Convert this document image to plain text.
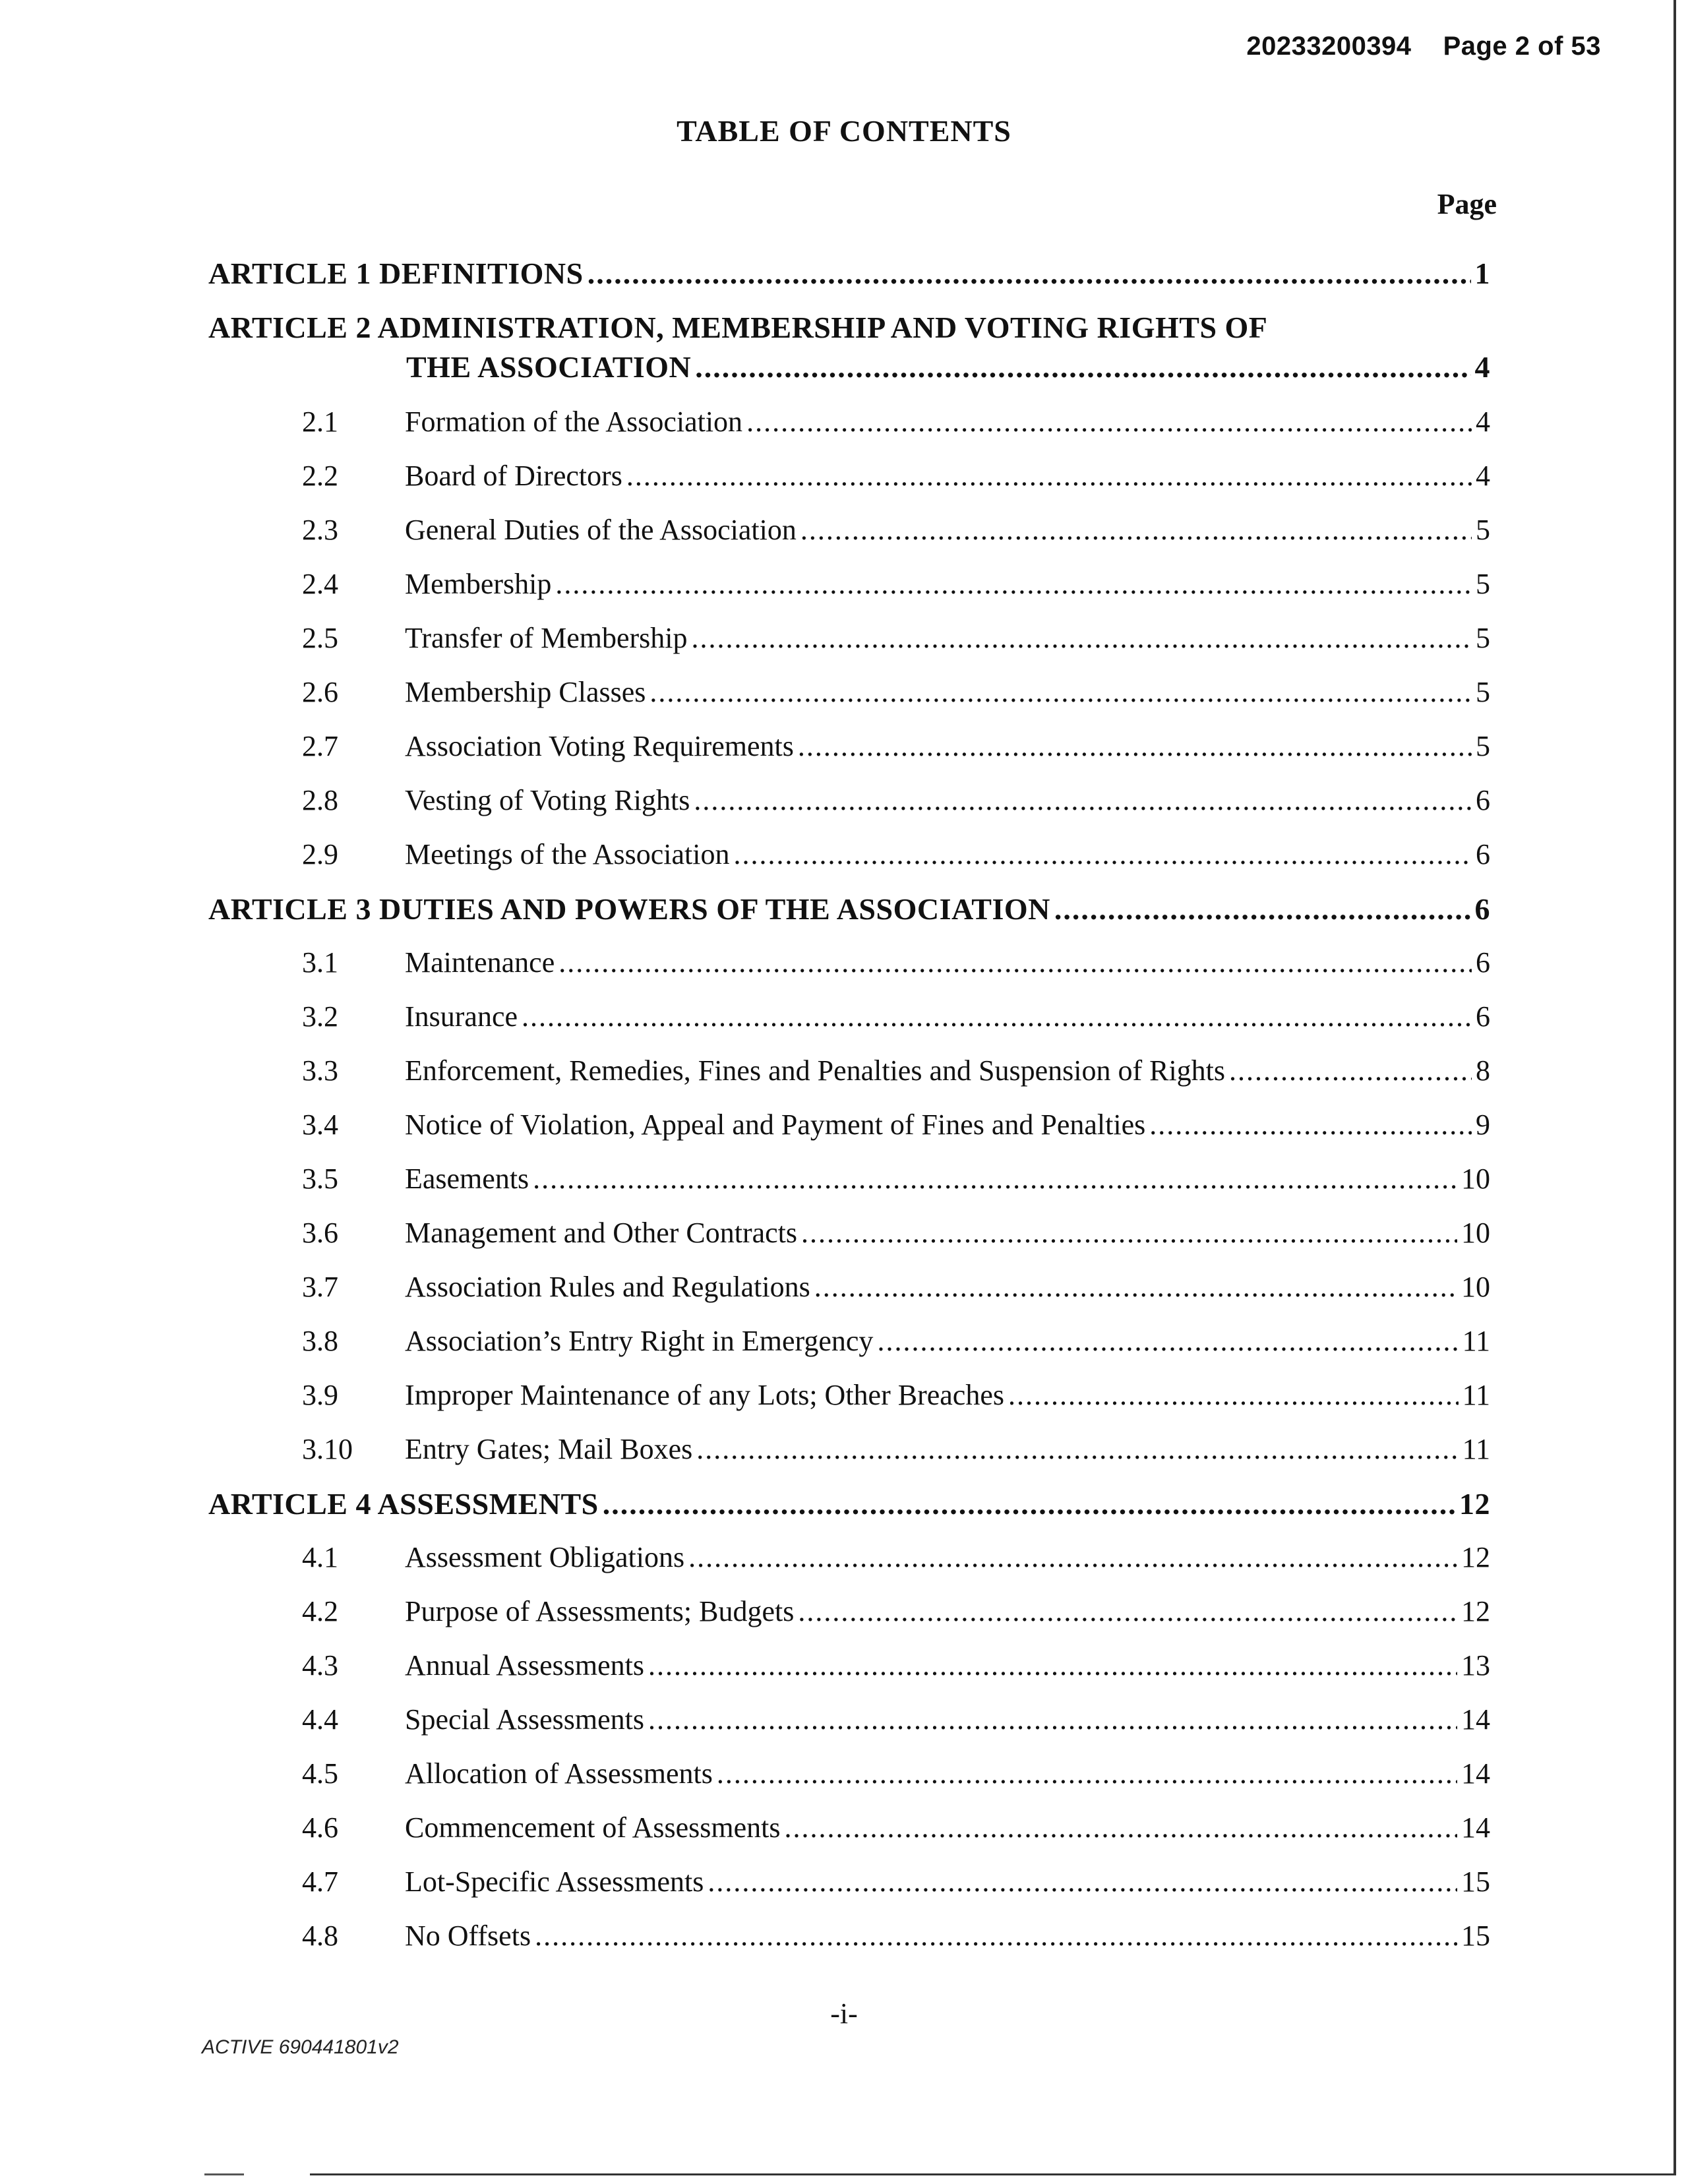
20233200394 Page 2 of 53
TABLE OF CONTENTS
Page
ARTICLE 1 DEFINITIONS .....	1
ARTICLE 2 ADMINISTRATION, MEMBERSHIP AND VOTING RIGHTS OF
THE ASSOCIATION .....	4
2.1	Formation of the Association .....	4
2.2	Board of Directors .....	4
2.3	General Duties of the Association .....	5
2.4	Membership .....	5
2.5	Transfer of Membership .....	5
2.6	Membership Classes .....	5
2.7	Association Voting Requirements .....	5
2.8	Vesting of Voting Rights .....	6
2.9	Meetings of the Association .....	6
ARTICLE 3 DUTIES AND POWERS OF THE ASSOCIATION .....	6
3.1	Maintenance .....	6
3.2	Insurance .....	6
3.3	Enforcement, Remedies, Fines and Penalties and Suspension of Rights .....	8
3.4	Notice of Violation, Appeal and Payment of Fines and Penalties .....	9
3.5	Easements .....	10
3.6	Management and Other Contracts .....	10
3.7	Association Rules and Regulations .....	10
3.8	Association’s Entry Right in Emergency .....	11
3.9	Improper Maintenance of any Lots; Other Breaches .....	11
3.10	Entry Gates; Mail Boxes .....	11
ARTICLE 4 ASSESSMENTS .....	12
4.1	Assessment Obligations .....	12
4.2	Purpose of Assessments; Budgets .....	12
4.3	Annual Assessments .....	13
4.4	Special Assessments .....	14
4.5	Allocation of Assessments .....	14
4.6	Commencement of Assessments .....	14
4.7	Lot-Specific Assessments .....	15
4.8	No Offsets .....	15
-i-
ACTIVE 690441801v2
